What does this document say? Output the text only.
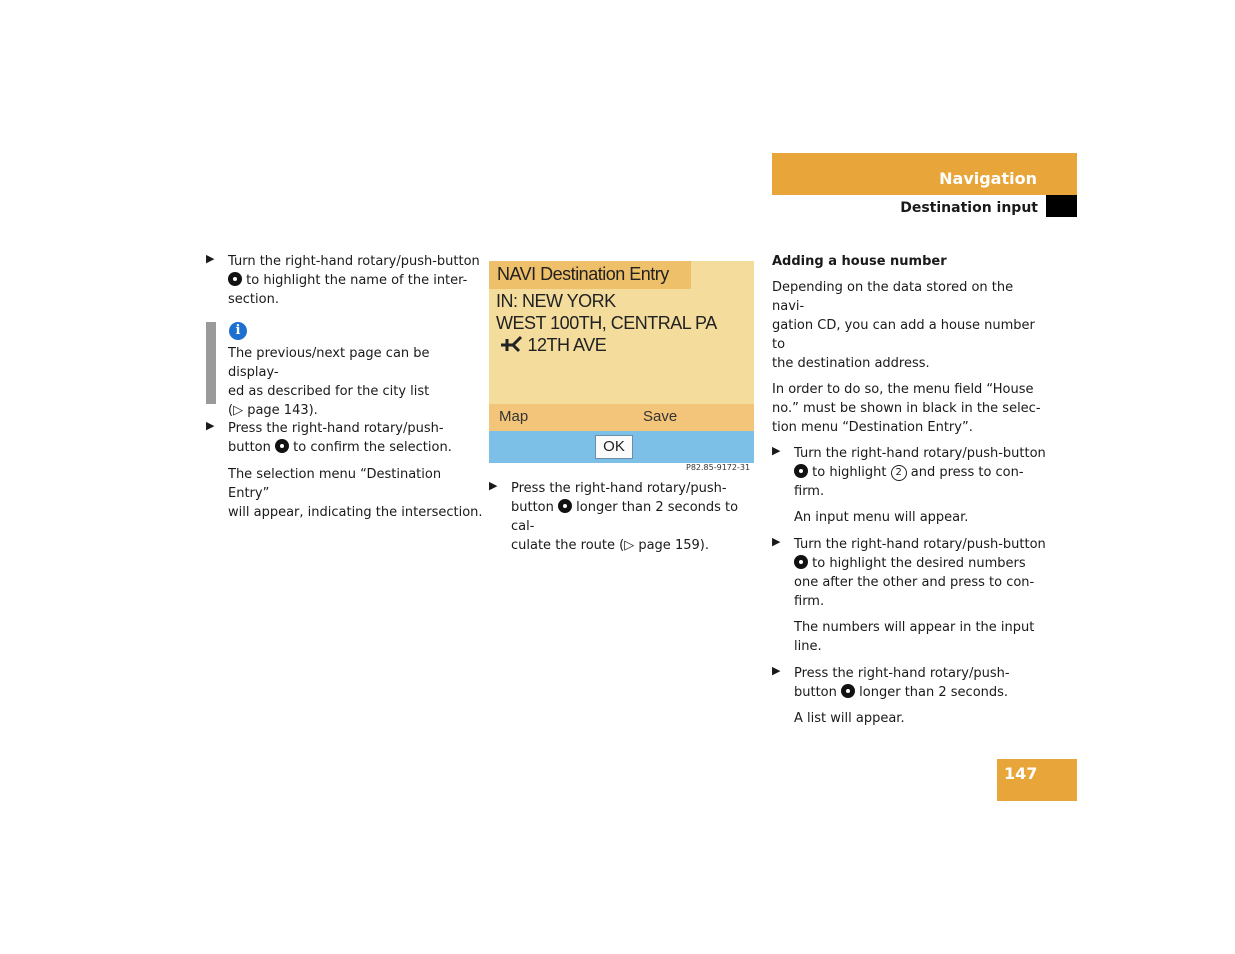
Navigation
Destination input
▶ Turn the right-hand rotary/push-button
to highlight the name of the inter-
section.

i

The previous/next page can be display-
ed as described for the city list
(▷ page 143).

▶ Press the right-hand rotary/push-
button to confirm the selection.

The selection menu “Destination Entry”
will appear, indicating the intersection.

NAVI Destination Entry
IN: NEW YORK
WEST 100TH, CENTRAL PA
12TH AVE
Map	Save
OK
P82.85-9172-31
▶ Press the right-hand rotary/push-
button longer than 2 seconds to cal-
culate the route (▷ page 159).

Adding a house number

Depending on the data stored on the navi-
gation CD, you can add a house number to
the destination address.

In order to do so, the menu field “House
no.” must be shown in black in the selec-
tion menu “Destination Entry”.

▶ Turn the right-hand rotary/push-button
to highlight 2 and press to con-
firm.

An input menu will appear.

▶ Turn the right-hand rotary/push-button
to highlight the desired numbers
one after the other and press to con-
firm.

The numbers will appear in the input
line.

▶ Press the right-hand rotary/push-
button longer than 2 seconds.

A list will appear.

147
